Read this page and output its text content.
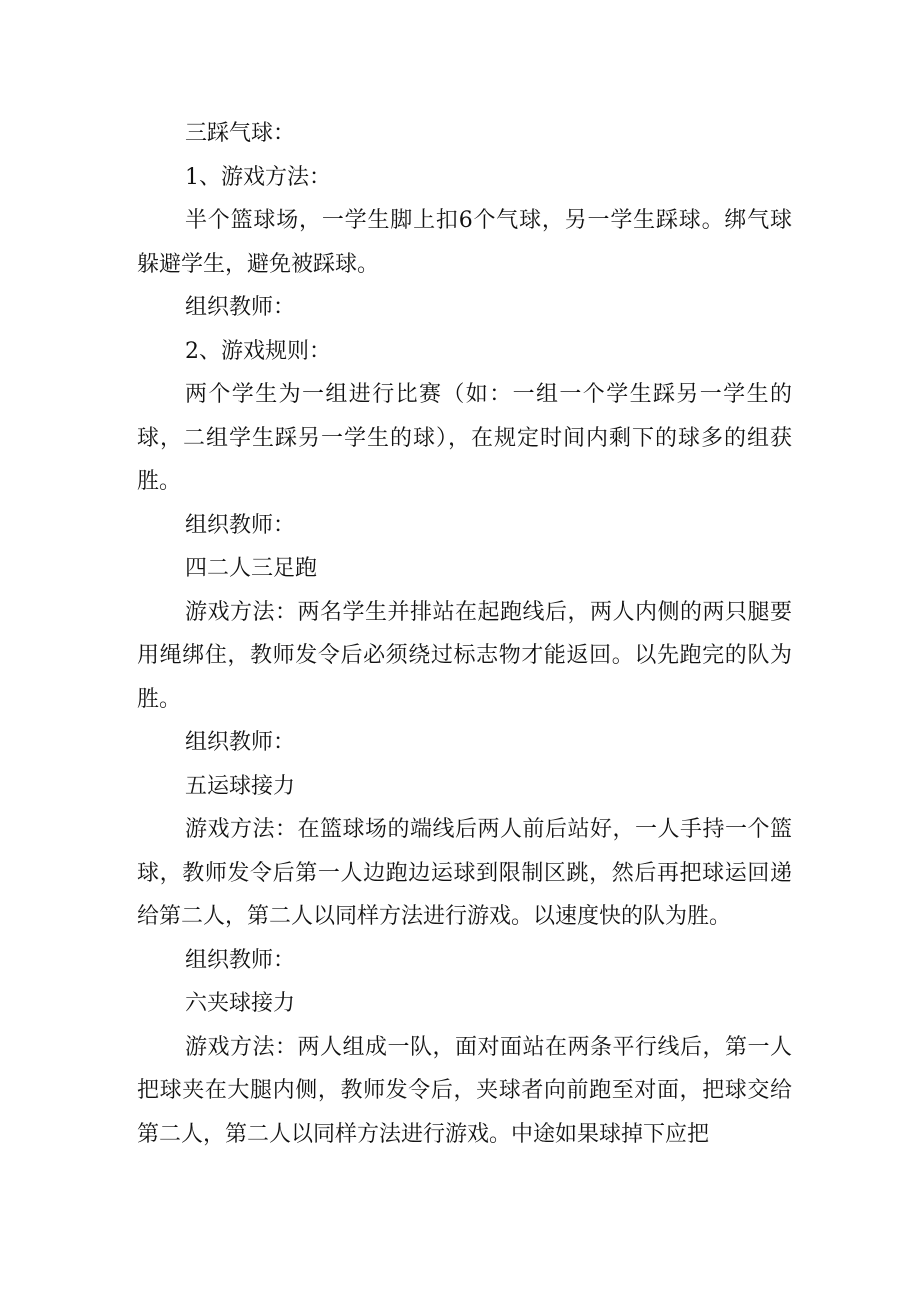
三踩气球：

1、游戏方法：

半个篮球场，一学生脚上扣6个气球，另一学生踩球。绑气球躲避学生，避免被踩球。

组织教师：

2、游戏规则：

两个学生为一组进行比赛（如：一组一个学生踩另一学生的球，二组学生踩另一学生的球），在规定时间内剩下的球多的组获胜。

组织教师：

四二人三足跑

游戏方法：两名学生并排站在起跑线后，两人内侧的两只腿要用绳绑住，教师发令后必须绕过标志物才能返回。以先跑完的队为胜。

组织教师：

五运球接力

游戏方法：在篮球场的端线后两人前后站好，一人手持一个篮球，教师发令后第一人边跑边运球到限制区跳，然后再把球运回递给第二人，第二人以同样方法进行游戏。以速度快的队为胜。

组织教师：

六夹球接力

游戏方法：两人组成一队，面对面站在两条平行线后，第一人把球夹在大腿内侧，教师发令后，夹球者向前跑至对面，把球交给第二人，第二人以同样方法进行游戏。中途如果球掉下应把
